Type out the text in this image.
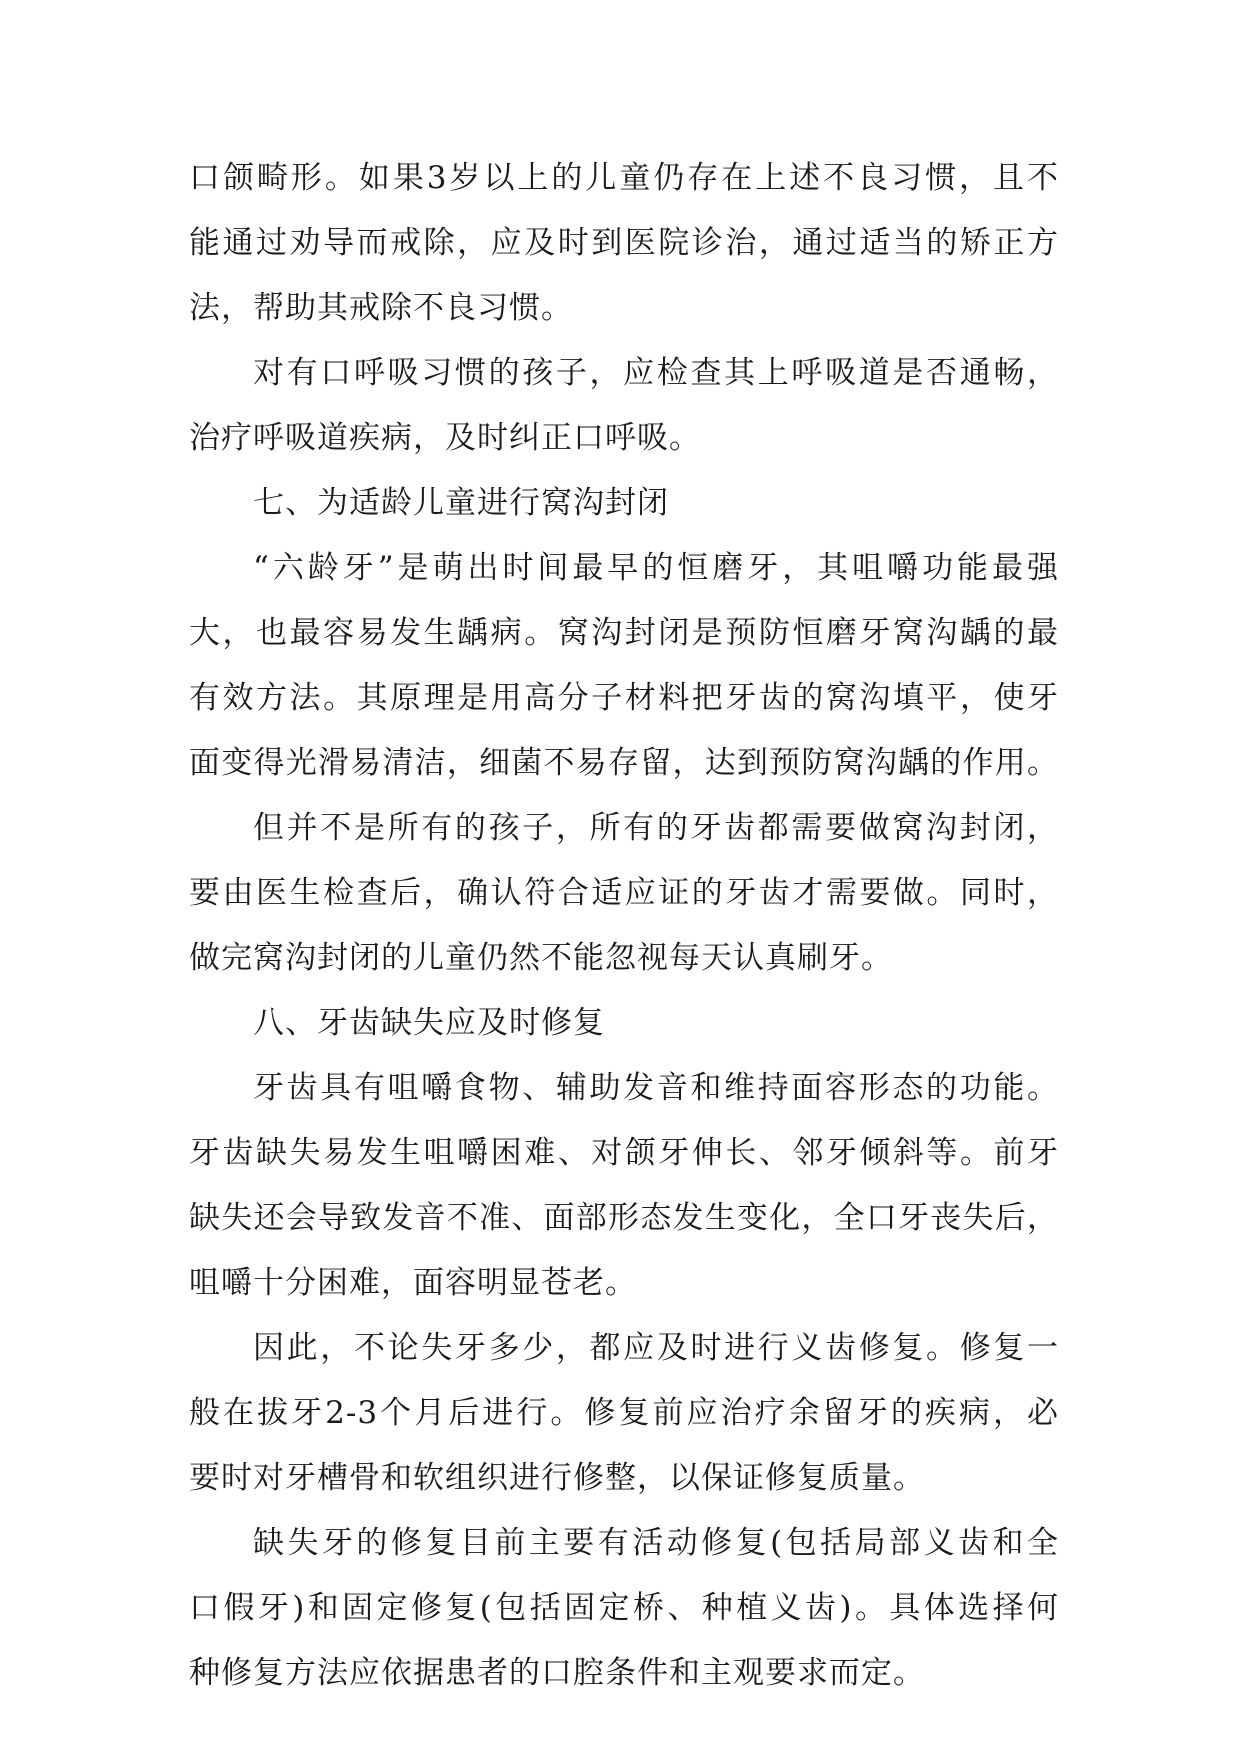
口颌畸形。如果3岁以上的儿童仍存在上述不良习惯，且不
能通过劝导而戒除，应及时到医院诊治，通过适当的矫正方
法，帮助其戒除不良习惯。
对有口呼吸习惯的孩子，应检查其上呼吸道是否通畅，
治疗呼吸道疾病，及时纠正口呼吸。
七、为适龄儿童进行窝沟封闭
“六龄牙”是萌出时间最早的恒磨牙，其咀嚼功能最强
大，也最容易发生龋病。窝沟封闭是预防恒磨牙窝沟龋的最
有效方法。其原理是用高分子材料把牙齿的窝沟填平，使牙
面变得光滑易清洁，细菌不易存留，达到预防窝沟龋的作用。
但并不是所有的孩子，所有的牙齿都需要做窝沟封闭，
要由医生检查后，确认符合适应证的牙齿才需要做。同时，
做完窝沟封闭的儿童仍然不能忽视每天认真刷牙。
八、牙齿缺失应及时修复
牙齿具有咀嚼食物、辅助发音和维持面容形态的功能。
牙齿缺失易发生咀嚼困难、对颌牙伸长、邻牙倾斜等。前牙
缺失还会导致发音不准、面部形态发生变化，全口牙丧失后，
咀嚼十分困难，面容明显苍老。
因此，不论失牙多少，都应及时进行义齿修复。修复一
般在拔牙2-3个月后进行。修复前应治疗余留牙的疾病，必
要时对牙槽骨和软组织进行修整，以保证修复质量。
缺失牙的修复目前主要有活动修复(包括局部义齿和全
口假牙)和固定修复(包括固定桥、种植义齿)。具体选择何
种修复方法应依据患者的口腔条件和主观要求而定。
